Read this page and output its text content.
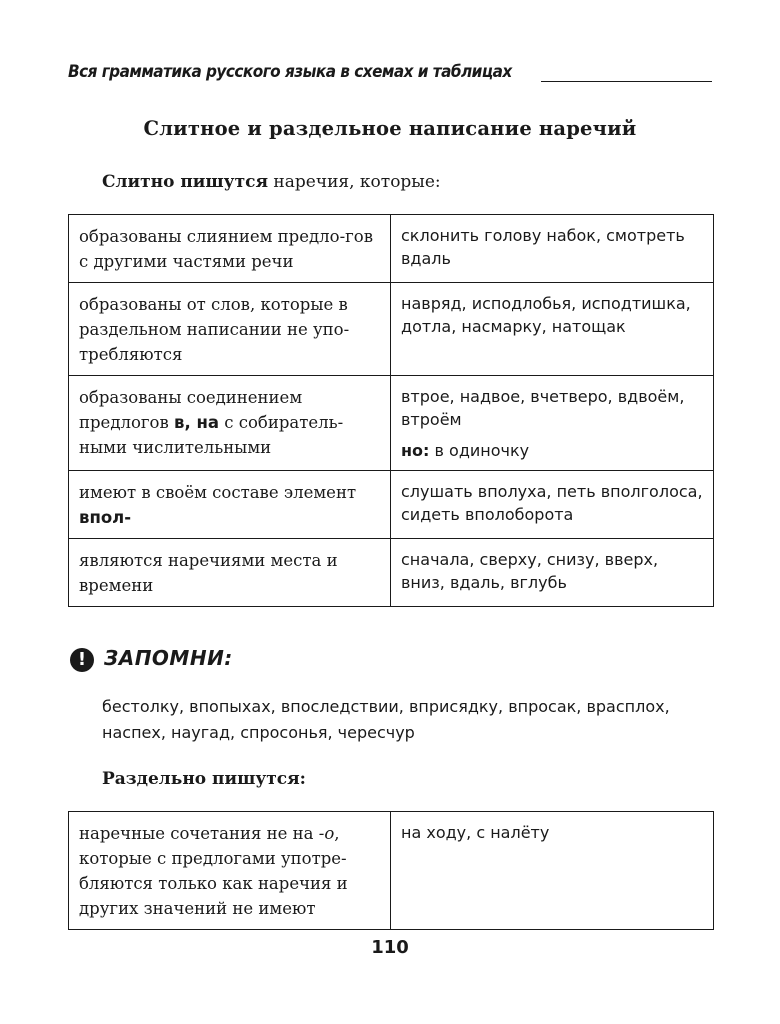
Вся грамматика русского языка в схемах и таблицах
Слитное и раздельное написание наречий
Слитно пишутся наречия, которые:
образованы слиянием предло-гов с другими частями речи	склонить голову набок, смотреть вдаль
образованы от слов, которые в раздельном написании не упо-требляются	навряд, исподлобья, исподтишка, дотла, насмарку, натощак
образованы соединением предлогов в, на с собиратель-ными числительными	втрое, надвое, вчетверо, вдвоём, втроём
но: в одиночку

имеют в своём составе элемент
впол-	слушать вполуха, петь вполголоса, сидеть вполоборота
являются наречиями места и времени	сначала, сверху, снизу, вверх, вниз, вдаль, вглубь
! ЗАПОМНИ:
бестолку, впопыхах, впоследствии, вприсядку, впросак, врасплох, наспех, наугад, спросонья, чересчур
Раздельно пишутся:
наречные сочетания не на -о, которые с предлогами употре-бляются только как наречия и других значений не имеют	на ходу, с налёту
110
